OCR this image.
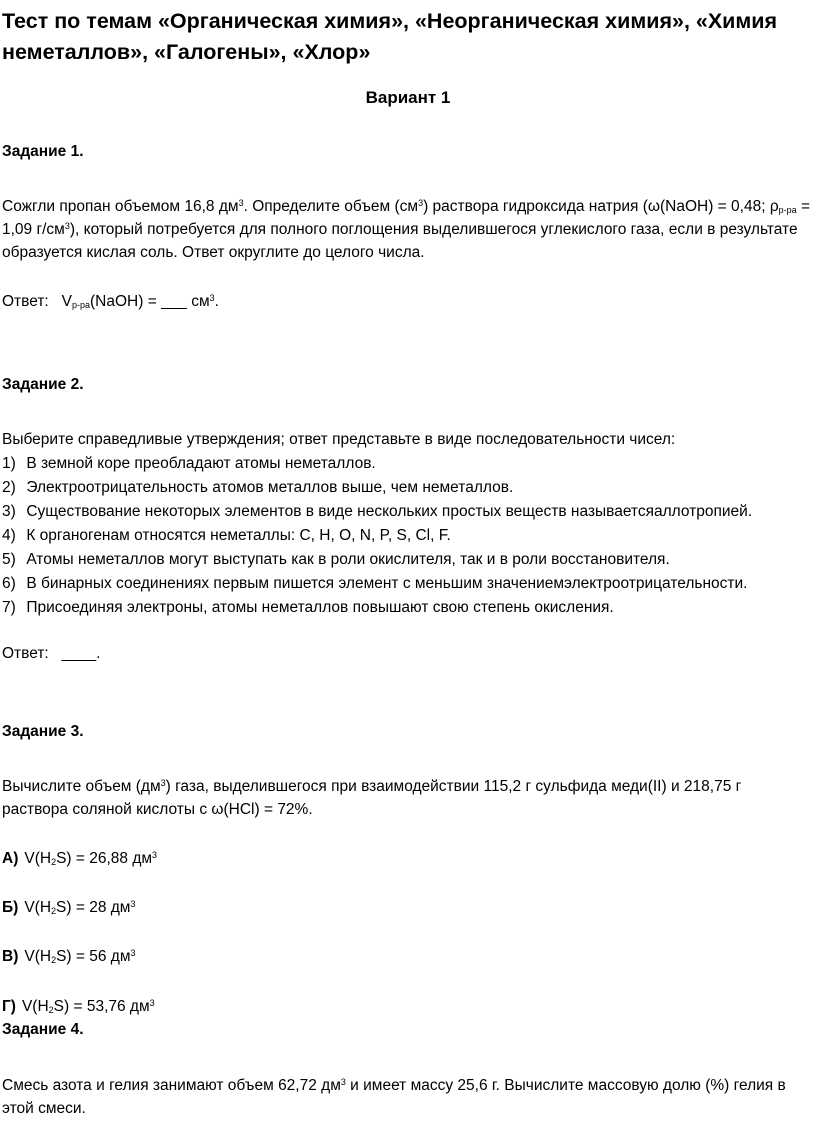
Тест по темам «Органическая химия», «Неорганическая химия», «Химия неметаллов», «Галогены», «Хлор»
Вариант 1
Задание 1.
Сожгли пропан объемом 16,8 $дм^3$. Определите объем $(см^3)$ раствора гидроксида натрия (ω(NaOH) = 0,48; $\rho_{р-ра} = 1,09$ $г/см^3$), который потребуется для полного поглощения выделившегося углекислого газа, если в результате образуется кислая соль. Ответ округлите до целого числа.
Ответ:   $V_{р-ра}(NaOH)$ = ___ $см^3$.
Задание 2.
Выберите справедливые утверждения; ответ представьте в виде последовательности чисел:
1) В земной коре преобладают атомы неметаллов.
2) Электроотрицательность атомов металлов выше, чем неметаллов.
3) Существование некоторых элементов в виде нескольких простых веществ называетсяаллотропией.
4) К органогенам относятся неметаллы: C, H, O, N, P, S, Cl, F.
5) Атомы неметаллов могут выступать как в роли окислителя, так и в роли восстановителя.
6) В бинарных соединениях первым пишется элемент с меньшим значениемэлектроотрицательности.
7) Присоединяя электроны, атомы неметаллов повышают свою степень окисления.
Ответ:   ____.
Задание 3.
Вычислите объем $(дм^3)$ газа, выделившегося при взаимодействии 115,2 г сульфида меди(II) и 218,75 г раствора соляной кислоты с ω(HCl) = 72%.
А) $V(H_2S) = 26,88$ $дм^3$
Б) $V(H_2S) = 28$ $дм^3$
В) $V(H_2S) = 56$ $дм^3$
Г) $V(H_2S) = 53,76$ $дм^3$
Задание 4.
Смесь азота и гелия занимают объем 62,72 $дм^3$ и имеет массу 25,6 г. Вычислите массовую долю (%) гелия в этой смеси.
